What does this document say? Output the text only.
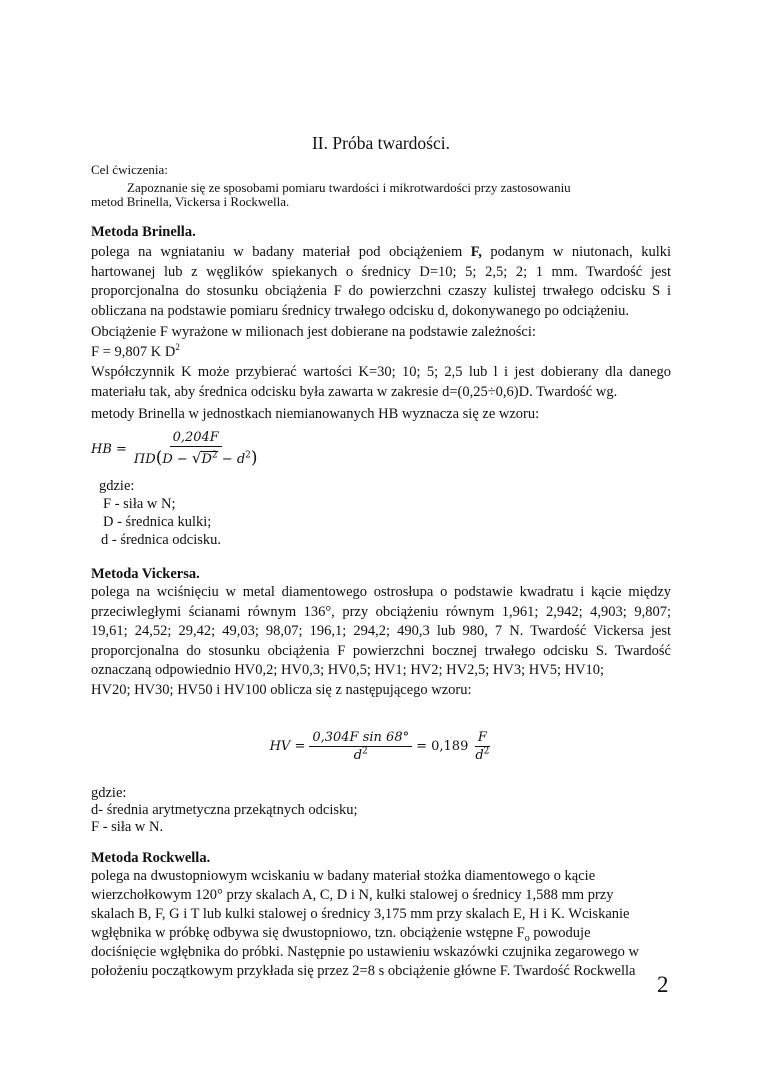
II. Próba twardości.
Cel ćwiczenia:
Zapoznanie się ze sposobami pomiaru twardości i mikrotwardości przy zastosowaniu
metod Brinella, Vickersa i Rockwella.
Metoda Brinella.
polega na wgniataniu w badany materiał pod obciążeniem F, podanym w niutonach, kulki hartowanej lub z węglików spiekanych o średnicy D=10; 5; 2,5; 2; 1 mm. Twardość jest proporcjonalna do stosunku obciążenia F do powierzchni czaszy kulistej trwałego odcisku S i obliczana na podstawie pomiaru średnicy trwałego odcisku d, dokonywanego po odciążeniu.
Obciążenie F wyrażone w milionach jest dobierane na podstawie zależności:
F = 9,807 K $D^2$
Współczynnik K może przybierać wartości K=30; 10; 5; 2,5 lub l i jest dobierany dla danego materiału tak, aby średnica odcisku była zawarta w zakresie d=(0,25÷0,6)D. Twardość wg.
metody Brinella w jednostkach niemianowanych HB wyznacza się ze wzoru:
HB = $\frac{0,204F}{\Pi D(D - √D^2 - d^2)}$
gdzie:
F - siła w N;
D - średnica kulki;
d - średnica odcisku.
Metoda Vickersa.
polega na wciśnięciu w metal diamentowego ostrosłupa o podstawie kwadratu i kącie między przeciwległymi ścianami równym 136°, przy obciążeniu równym 1,961; 2,942; 4,903; 9,807; 19,61; 24,52; 29,42; 49,03; 98,07; 196,1; 294,2; 490,3 lub 980, 7 N. Twardość Vickersa jest proporcjonalna do stosunku obciążenia F powierzchni bocznej trwałego odcisku S. Twardość oznaczaną odpowiednio HV0,2; HV0,3; HV0,5; HV1; HV2; HV2,5; HV3; HV5; HV10;
HV20; HV30; HV50 i HV100 oblicza się z następującego wzoru:
HV = $\frac{\text{0,304F sin 68°}}{d^2} = 0,189 \frac{F}{d^2}$
gdzie:
d- średnia arytmetyczna przekątnych odcisku;
F - siła w N.
Metoda Rockwella.
polega na dwustopniowym wciskaniu w badany materiał stożka diamentowego o kącie
wierzchołkowym 120° przy skalach A, C, D i N, kulki stalowej o średnicy 1,588 mm przy
skalach B, F, G i T lub kulki stalowej o średnicy 3,175 mm przy skalach E, H i K. Wciskanie
wgłębnika w próbkę odbywa się dwustopniowo, tzn. obciążenie wstępne $F_o$ powoduje
dociśnięcie wgłębnika do próbki. Następnie po ustawieniu wskazówki czujnika zegarowego w
położeniu początkowym przykłada się przez 2=8 s obciążenie główne F. Twardość Rockwella
2
